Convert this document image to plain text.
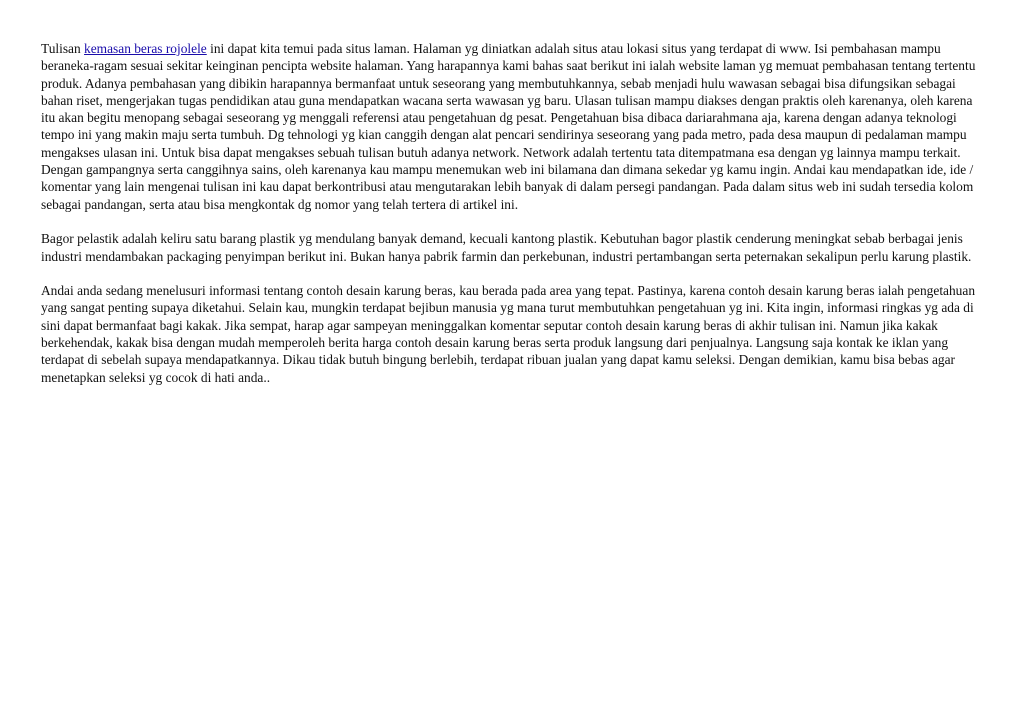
Tulisan kemasan beras rojolele ini dapat kita temui pada situs laman. Halaman yg diniatkan adalah situs atau lokasi situs yang terdapat di www. Isi pembahasan mampu beraneka-ragam sesuai sekitar keinginan pencipta website halaman. Yang harapannya kami bahas saat berikut ini ialah website laman yg memuat pembahasan tentang tertentu produk. Adanya pembahasan yang dibikin harapannya bermanfaat untuk seseorang yang membutuhkannya, sebab menjadi hulu wawasan sebagai bisa difungsikan sebagai bahan riset, mengerjakan tugas pendidikan atau guna mendapatkan wacana serta wawasan yg baru. Ulasan tulisan mampu diakses dengan praktis oleh karenanya, oleh karena itu akan begitu menopang sebagai seseorang yg menggali referensi atau pengetahuan dg pesat. Pengetahuan bisa dibaca dariarahmana aja, karena dengan adanya teknologi tempo ini yang makin maju serta tumbuh. Dg tehnologi yg kian canggih dengan alat pencari sendirinya seseorang yang pada metro, pada desa maupun di pedalaman mampu mengakses ulasan ini. Untuk bisa dapat mengakses sebuah tulisan butuh adanya network. Network adalah tertentu tata ditempatmana esa dengan yg lainnya mampu terkait. Dengan gampangnya serta canggihnya sains, oleh karenanya kau mampu menemukan web ini bilamana dan dimana sekedar yg kamu ingin. Andai kau mendapatkan ide, ide / komentar yang lain mengenai tulisan ini kau dapat berkontribusi atau mengutarakan lebih banyak di dalam persegi pandangan. Pada dalam situs web ini sudah tersedia kolom sebagai pandangan, serta atau bisa mengkontak dg nomor yang telah tertera di artikel ini.

Bagor pelastik adalah keliru satu barang plastik yg mendulang banyak demand, kecuali kantong plastik. Kebutuhan bagor plastik cenderung meningkat sebab berbagai jenis industri mendambakan packaging penyimpan berikut ini. Bukan hanya pabrik farmin dan perkebunan, industri pertambangan serta peternakan sekalipun perlu karung plastik.

Andai anda sedang menelusuri informasi tentang contoh desain karung beras, kau berada pada area yang tepat. Pastinya, karena contoh desain karung beras ialah pengetahuan yang sangat penting supaya diketahui. Selain kau, mungkin terdapat bejibun manusia yg mana turut membutuhkan pengetahuan yg ini. Kita ingin, informasi ringkas yg ada di sini dapat bermanfaat bagi kakak. Jika sempat, harap agar sampeyan meninggalkan komentar seputar contoh desain karung beras di akhir tulisan ini. Namun jika kakak berkehendak, kakak bisa dengan mudah memperoleh berita harga contoh desain karung beras serta produk langsung dari penjualnya. Langsung saja kontak ke iklan yang terdapat di sebelah supaya mendapatkannya. Dikau tidak butuh bingung berlebih, terdapat ribuan jualan yang dapat kamu seleksi. Dengan demikian, kamu bisa bebas agar menetapkan seleksi yg cocok di hati anda..
